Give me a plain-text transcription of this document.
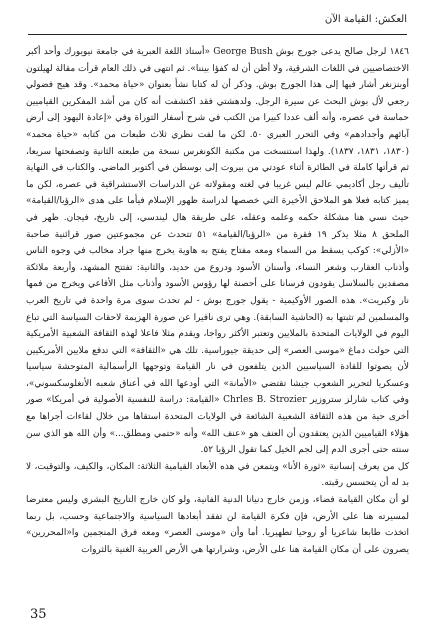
العكش: القيامة الآن

١٨٤٦ لرجل صالح يدعى جورج بوش George Bush «أستاذ اللغة العبرية في جامعة نيويورك وأحد أكبر الاختصاصيين في اللغات الشرقية، ولا أظن أن له كفؤا بيننا». ثم انتهى في ذلك العام قرأت مقالة لهيلتون أوبنزنغر أشار فيها إلى هذا الجورج بوش. وذكر أن له كتابا نشأ بعنوان «حياة محمد». وقد هيج فضولي رجعي لأل بوش البحث عن سيرة الرجل. ولدهشتي فقد اكتشفت أنه كان من أشد المفكرين القياميين حماسة في عصره، وأنه ألف عددا كبيرا من الكتب في شرح أسفار التوراة وفي «إعادة اليهود إلى أرض آبائهم وأجدادهم» وفي التحرر العبري ٥٠. لكن ما لفت نظري ثلاث طبعات من كتابه «حياة محمد» (١٨٣٠، ١٨٣١، ١٨٣٧). ولهذا استنسخت من مكتبة الكونغرس نسخة من طبعته الثانية وتصفحتها سريعا، ثم قرأتها كاملة في الطائرة أثناء عودتي من بيروت إلى بوسطن في أكتوبر الماضي. والكتاب في النهاية تأليف رجل أكاديمي عالم ليس غريبا في لغته ومقولاته عن الدراسات الاستشراقية في عصره، لكن ما يميز كتابه فعلا هو الملاحق الأخيرة التي خصصها لدراسة ظهور الإسلام فيأما على هدى «الرؤيا/القيامة» حيث نسي هنا مشكلة حكمه وعلمه وعقله، على طريقة هال ليندسي، إلى تاريخ، فيجان. ظهر في الملحق ٨ مثلا يذكر ١٩ فقرة من «الرؤيا/القيامة» ٥١ تتحدث عن مجموعتين صور قرائنية صاحبة «الأزلي»: كوكب يسقط من السماء ومعه مفتاح يفتح به هاوية يخرج منها جراد مخالب في وجوه الناس وأذناب العقارب وشعر النساء، وأسنان الأسود ودروع من حديد، والثانية: تفتتح المشهد، وأربعة ملائكة مصفدين بالسلاسل يقودون فرسانا على أحصنة لها رؤوس الأسود وأذناب مثل الأفاعي ويخرج من فمها نار وكبريت». هذه الصور الأوكيمية - يقول جورج بوش - لم تحدث سوى مرة واحدة في تاريخ العرب والمسلمين لم تثبتها به (الحاشية السابقة). وهي ترى نافيرا عن صورة الهزيمة لاحقات السياسة التي تباع اليوم في الولايات المتحدة بالملايين وتعتبر الأكثر رواجا، ويقدم مثلا فاعلا لهذه الثقافة الشعبية الأمريكية التي حولت دماغ «موسى العصر» إلى حديقة جيوراسية. تلك هي «الثقافة» التي تدفع ملايين الأمريكيين لأن يصوتوا للقادة السياسيين الذين يتلفعون في نار القيامة وتوجهها الرأسمالية المتوحشة سياسيا وعسكريا لتحرير الشعوب جيشا تقتضي «الأمانة» التي أودعها الله في أعناق شعبه الأنغلوسكسوني»، وفي كتاب شارلز ستروزير Chrles B. Strozier «القيامة: دراسة للنفسية الأصولية في أمريكا» صور أخرى حية من هذه الثقافة الشعبية الشائعة في الولايات المتحدة استقاها من خلال لقاءات أجراها مع هؤلاء القياميين الذين يعتقدون أن العنف هو «عنف الله» وأنه «حتمي ومطلق...» وأن الله هو الذي سن سنته حتى أجرى الدم إلى لجم الخيل كما تقول الرؤيا ٥٢.

كل من يعرف إنسانية «ثورة الأنا» ويتمعن في هذه الأبعاد القيامية الثلاثة: المكان، والكيف، والتوقيت، لا بد له أن يتحسس رقبته.

لو أن مكان القيامة فضاء، وزمن خارج دنيانا الدنية الفانية، ولو كان خارج التاريخ البشري وليس معترضا لمسيرته هنا على الأرض، فإن فكرة القيامة لن تفقد أبعادها السياسية والاجتماعية وحسب، بل ربما اتخذت طابعا شاعريا أو روحيا تطهيريا. أما وأن «موسى العصر» ومعه فرق المنجمين وا«المحررين» يصرون على أن مكان القيامة هنا على الأرض، وشرارتها هي الأرض العربية الغنية بالثروات

35
